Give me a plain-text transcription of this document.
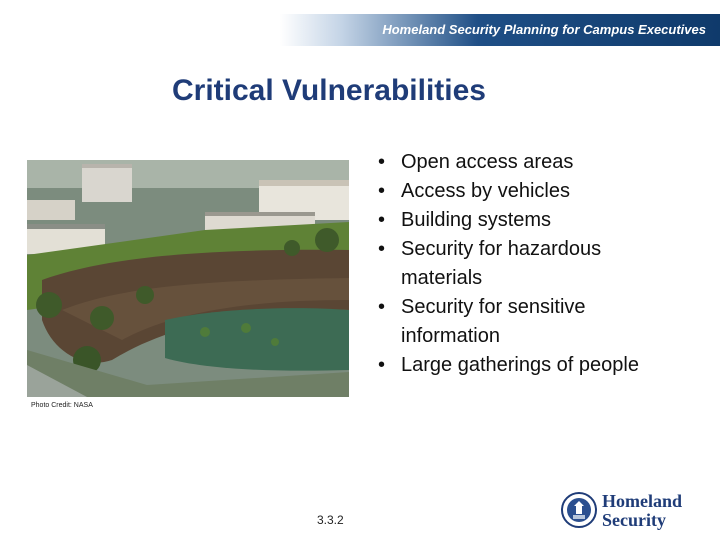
Homeland Security Planning for Campus Executives
Critical Vulnerabilities
Photo Credit: NASA
• Open access areas
• Access by vehicles
• Building systems
• Security for hazardous materials
• Security for sensitive information
• Large gatherings of people
3.3.2
Homeland
Security
